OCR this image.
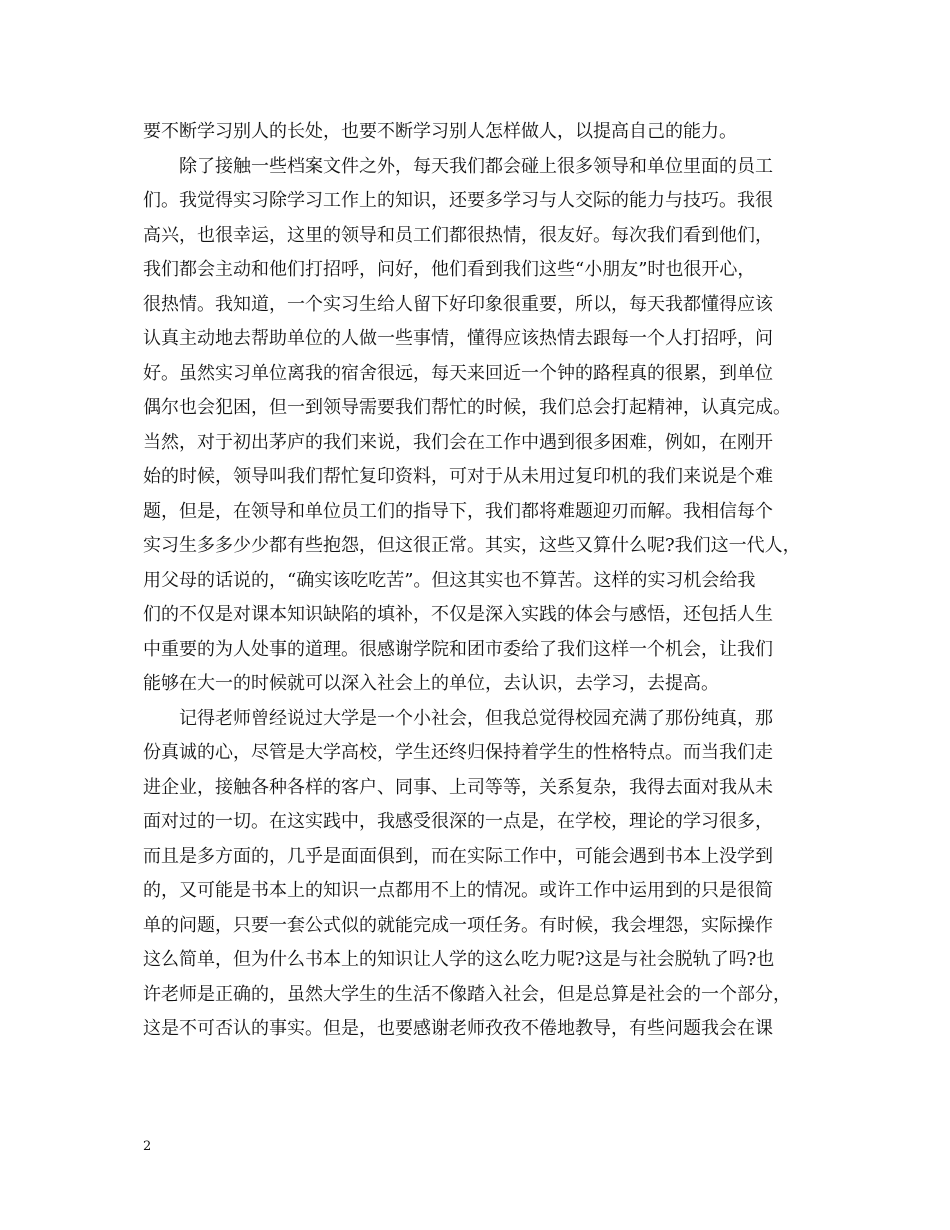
要不断学习别人的长处，也要不断学习别人怎样做人，以提高自己的能力。
　　除了接触一些档案文件之外，每天我们都会碰上很多领导和单位里面的员工
们。我觉得实习除学习工作上的知识，还要多学习与人交际的能力与技巧。我很
高兴，也很幸运，这里的领导和员工们都很热情，很友好。每次我们看到他们，
我们都会主动和他们打招呼，问好，他们看到我们这些“小朋友”时也很开心，
很热情。我知道，一个实习生给人留下好印象很重要，所以，每天我都懂得应该
认真主动地去帮助单位的人做一些事情，懂得应该热情去跟每一个人打招呼，问
好。虽然实习单位离我的宿舍很远，每天来回近一个钟的路程真的很累，到单位
偶尔也会犯困，但一到领导需要我们帮忙的时候，我们总会打起精神，认真完成。
当然，对于初出茅庐的我们来说，我们会在工作中遇到很多困难，例如，在刚开
始的时候，领导叫我们帮忙复印资料，可对于从未用过复印机的我们来说是个难
题，但是，在领导和单位员工们的指导下，我们都将难题迎刃而解。我相信每个
实习生多多少少都有些抱怨，但这很正常。其实，这些又算什么呢?我们这一代人，
用父母的话说的，“确实该吃吃苦”。但这其实也不算苦。这样的实习机会给我
们的不仅是对课本知识缺陷的填补，不仅是深入实践的体会与感悟，还包括人生
中重要的为人处事的道理。很感谢学院和团市委给了我们这样一个机会，让我们
能够在大一的时候就可以深入社会上的单位，去认识，去学习，去提高。
　　记得老师曾经说过大学是一个小社会，但我总觉得校园充满了那份纯真，那
份真诚的心，尽管是大学高校，学生还终归保持着学生的性格特点。而当我们走
进企业，接触各种各样的客户、同事、上司等等，关系复杂，我得去面对我从未
面对过的一切。在这实践中，我感受很深的一点是，在学校，理论的学习很多，
而且是多方面的，几乎是面面俱到，而在实际工作中，可能会遇到书本上没学到
的，又可能是书本上的知识一点都用不上的情况。或许工作中运用到的只是很简
单的问题，只要一套公式似的就能完成一项任务。有时候，我会埋怨，实际操作
这么简单，但为什么书本上的知识让人学的这么吃力呢?这是与社会脱轨了吗?也
许老师是正确的，虽然大学生的生活不像踏入社会，但是总算是社会的一个部分，
这是不可否认的事实。但是，也要感谢老师孜孜不倦地教导，有些问题我会在课
2
